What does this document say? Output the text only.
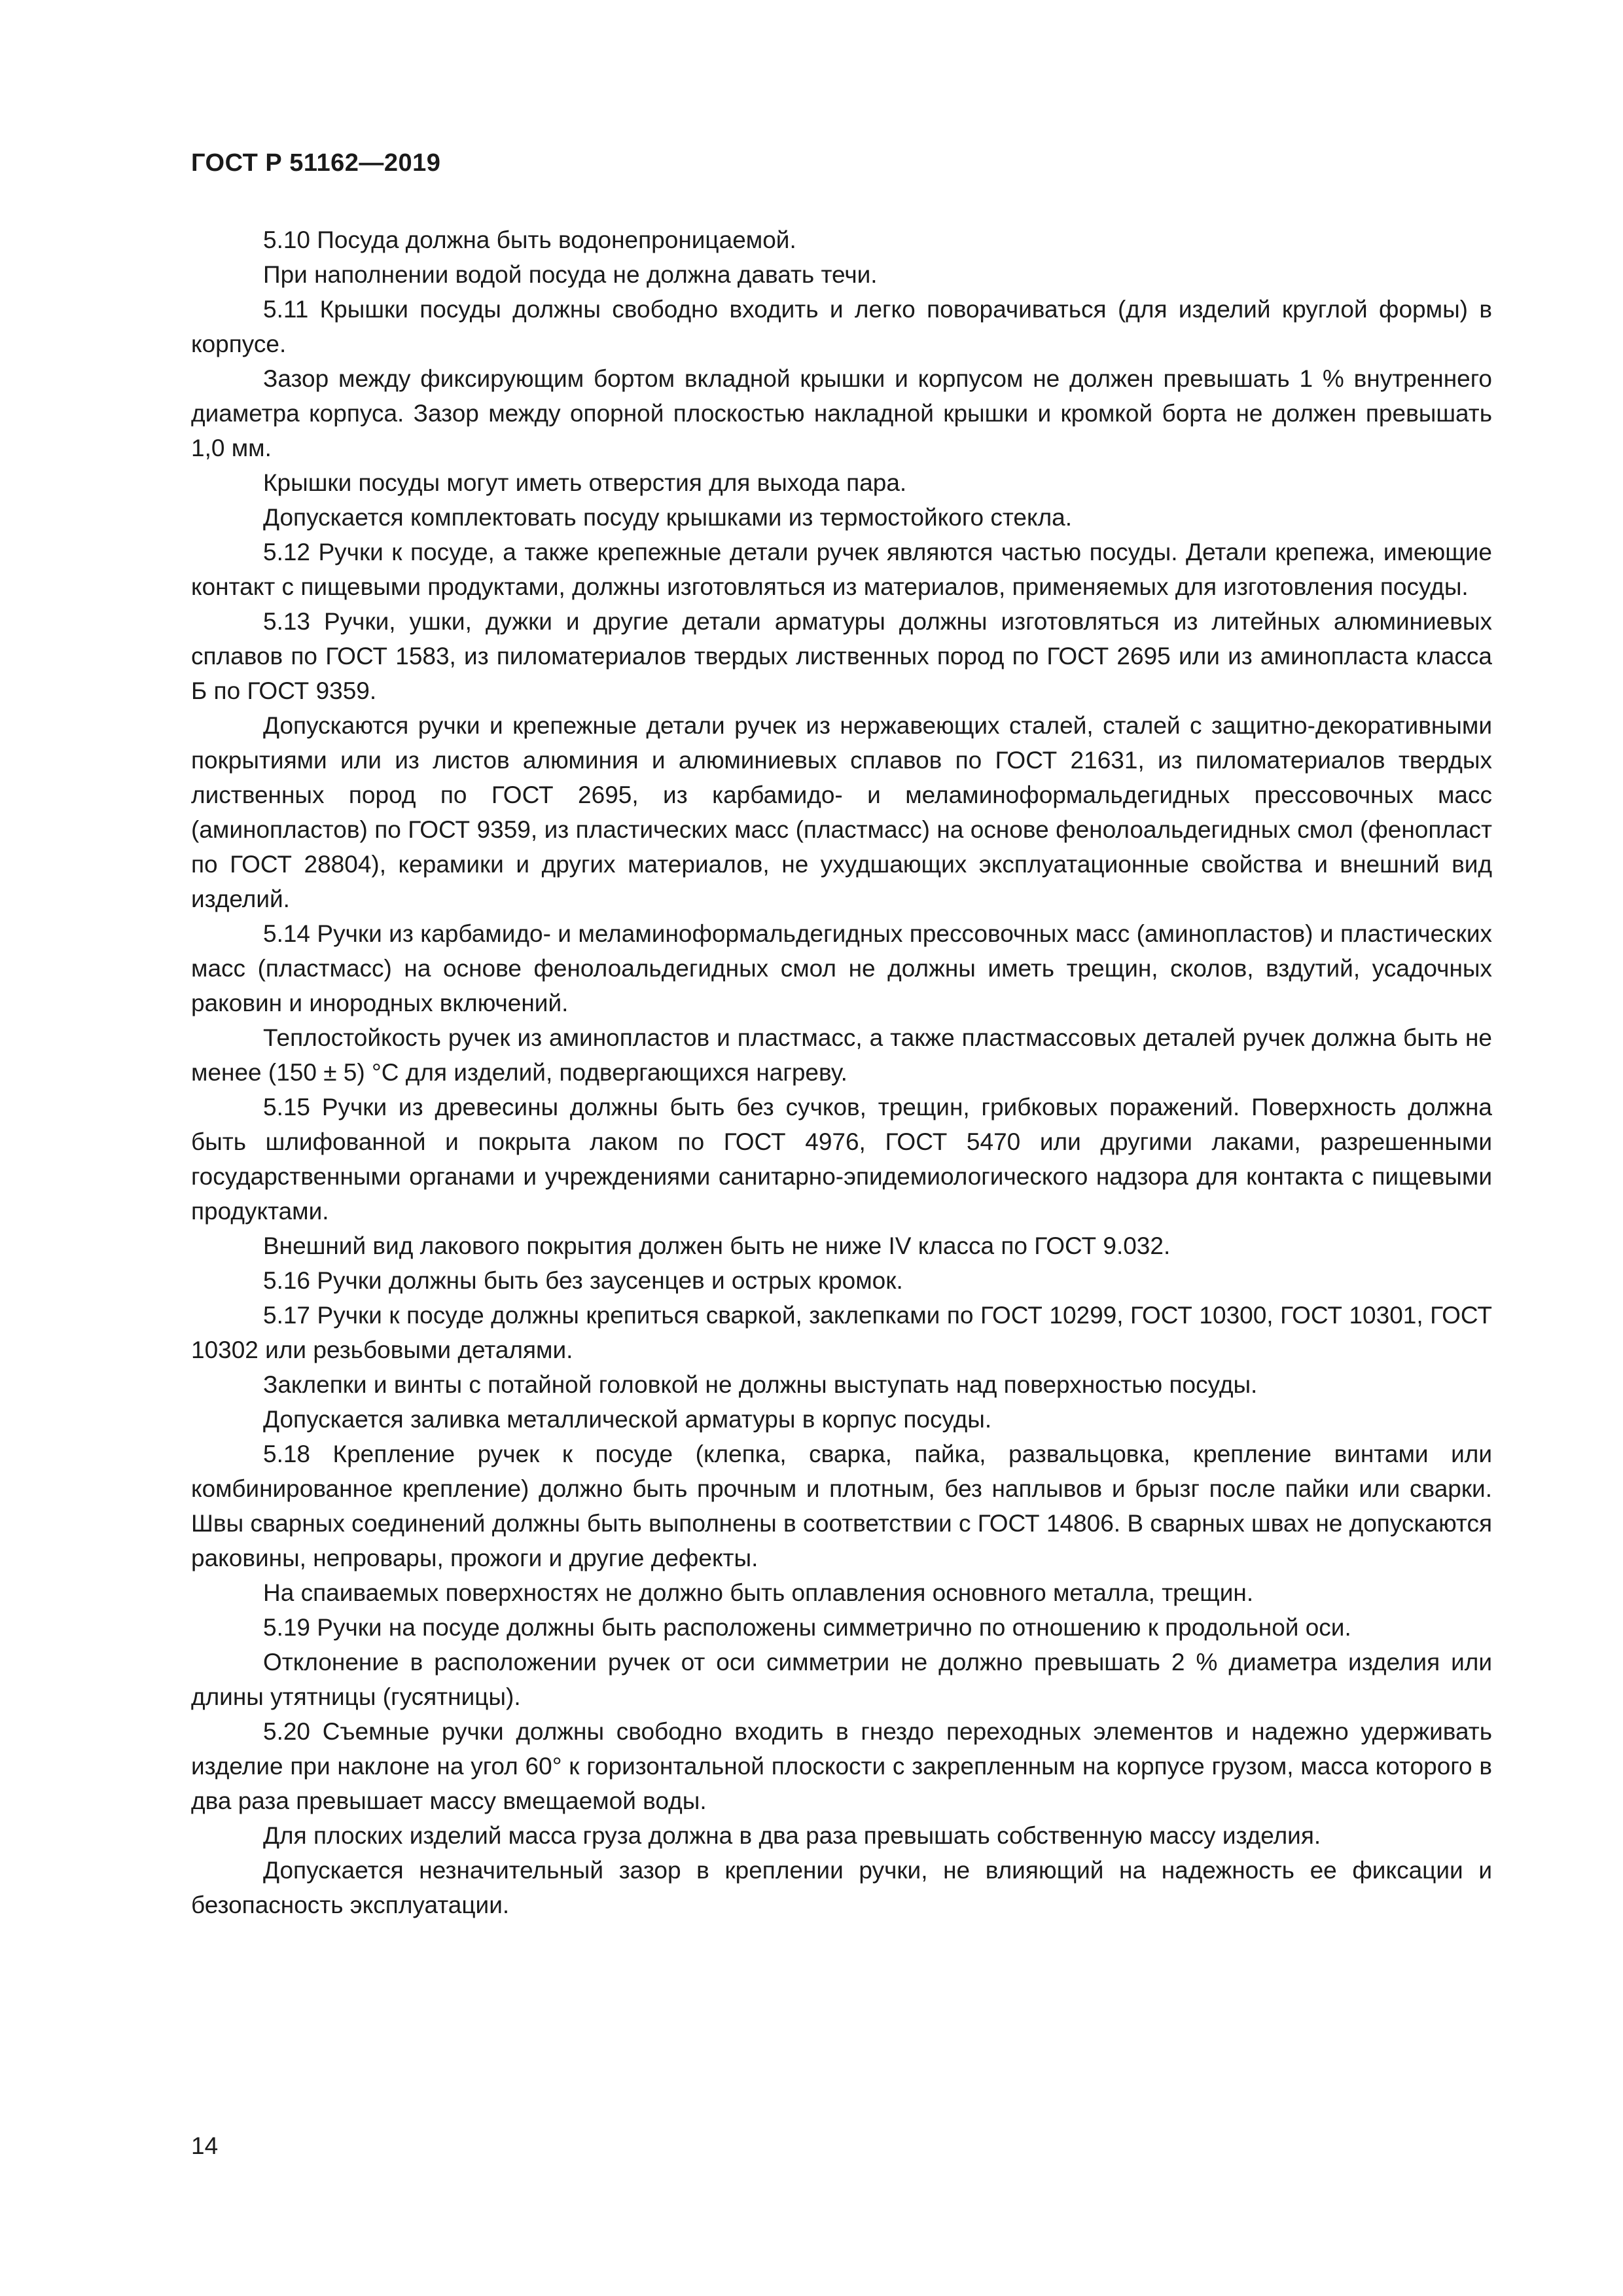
ГОСТ Р 51162—2019

5.10 Посуда должна быть водонепроницаемой.

При наполнении водой посуда не должна давать течи.

5.11 Крышки посуды должны свободно входить и легко поворачиваться (для изделий круглой формы) в корпусе.

Зазор между фиксирующим бортом вкладной крышки и корпусом не должен превышать 1 % внутреннего диаметра корпуса. Зазор между опорной плоскостью накладной крышки и кромкой борта не должен превышать 1,0 мм.

Крышки посуды могут иметь отверстия для выхода пара.

Допускается комплектовать посуду крышками из термостойкого стекла.

5.12 Ручки к посуде, а также крепежные детали ручек являются частью посуды. Детали крепежа, имеющие контакт с пищевыми продуктами, должны изготовляться из материалов, применяемых для изготовления посуды.

5.13 Ручки, ушки, дужки и другие детали арматуры должны изготовляться из литейных алюминиевых сплавов по ГОСТ 1583, из пиломатериалов твердых лиственных пород по ГОСТ 2695 или из аминопласта класса Б по ГОСТ 9359.

Допускаются ручки и крепежные детали ручек из нержавеющих сталей, сталей с защитно-декоративными покрытиями или из листов алюминия и алюминиевых сплавов по ГОСТ 21631, из пиломатериалов твердых лиственных пород по ГОСТ 2695, из карбамидо- и меламиноформальдегидных прессовочных масс (аминопластов) по ГОСТ 9359, из пластических масс (пластмасс) на основе фенолоальдегидных смол (фенопласт по ГОСТ 28804), керамики и других материалов, не ухудшающих эксплуатационные свойства и внешний вид изделий.

5.14 Ручки из карбамидо- и меламиноформальдегидных прессовочных масс (аминопластов) и пластических масс (пластмасс) на основе фенолоальдегидных смол не должны иметь трещин, сколов, вздутий, усадочных раковин и инородных включений.

Теплостойкость ручек из аминопластов и пластмасс, а также пластмассовых деталей ручек должна быть не менее (150 ± 5) °С для изделий, подвергающихся нагреву.

5.15 Ручки из древесины должны быть без сучков, трещин, грибковых поражений. Поверхность должна быть шлифованной и покрыта лаком по ГОСТ 4976, ГОСТ 5470 или другими лаками, разрешенными государственными органами и учреждениями санитарно-эпидемиологического надзора для контакта с пищевыми продуктами.

Внешний вид лакового покрытия должен быть не ниже IV класса по ГОСТ 9.032.

5.16 Ручки должны быть без заусенцев и острых кромок.

5.17 Ручки к посуде должны крепиться сваркой, заклепками по ГОСТ 10299, ГОСТ 10300, ГОСТ 10301, ГОСТ 10302 или резьбовыми деталями.

Заклепки и винты с потайной головкой не должны выступать над поверхностью посуды.

Допускается заливка металлической арматуры в корпус посуды.

5.18 Крепление ручек к посуде (клепка, сварка, пайка, развальцовка, крепление винтами или комбинированное крепление) должно быть прочным и плотным, без наплывов и брызг после пайки или сварки. Швы сварных соединений должны быть выполнены в соответствии с ГОСТ 14806. В сварных швах не допускаются раковины, непровары, прожоги и другие дефекты.

На спаиваемых поверхностях не должно быть оплавления основного металла, трещин.

5.19 Ручки на посуде должны быть расположены симметрично по отношению к продольной оси.

Отклонение в расположении ручек от оси симметрии не должно превышать 2 % диаметра изделия или длины утятницы (гусятницы).

5.20 Съемные ручки должны свободно входить в гнездо переходных элементов и надежно удерживать изделие при наклоне на угол 60° к горизонтальной плоскости с закрепленным на корпусе грузом, масса которого в два раза превышает массу вмещаемой воды.

Для плоских изделий масса груза должна в два раза превышать собственную массу изделия.

Допускается незначительный зазор в креплении ручки, не влияющий на надежность ее фиксации и безопасность эксплуатации.

14
